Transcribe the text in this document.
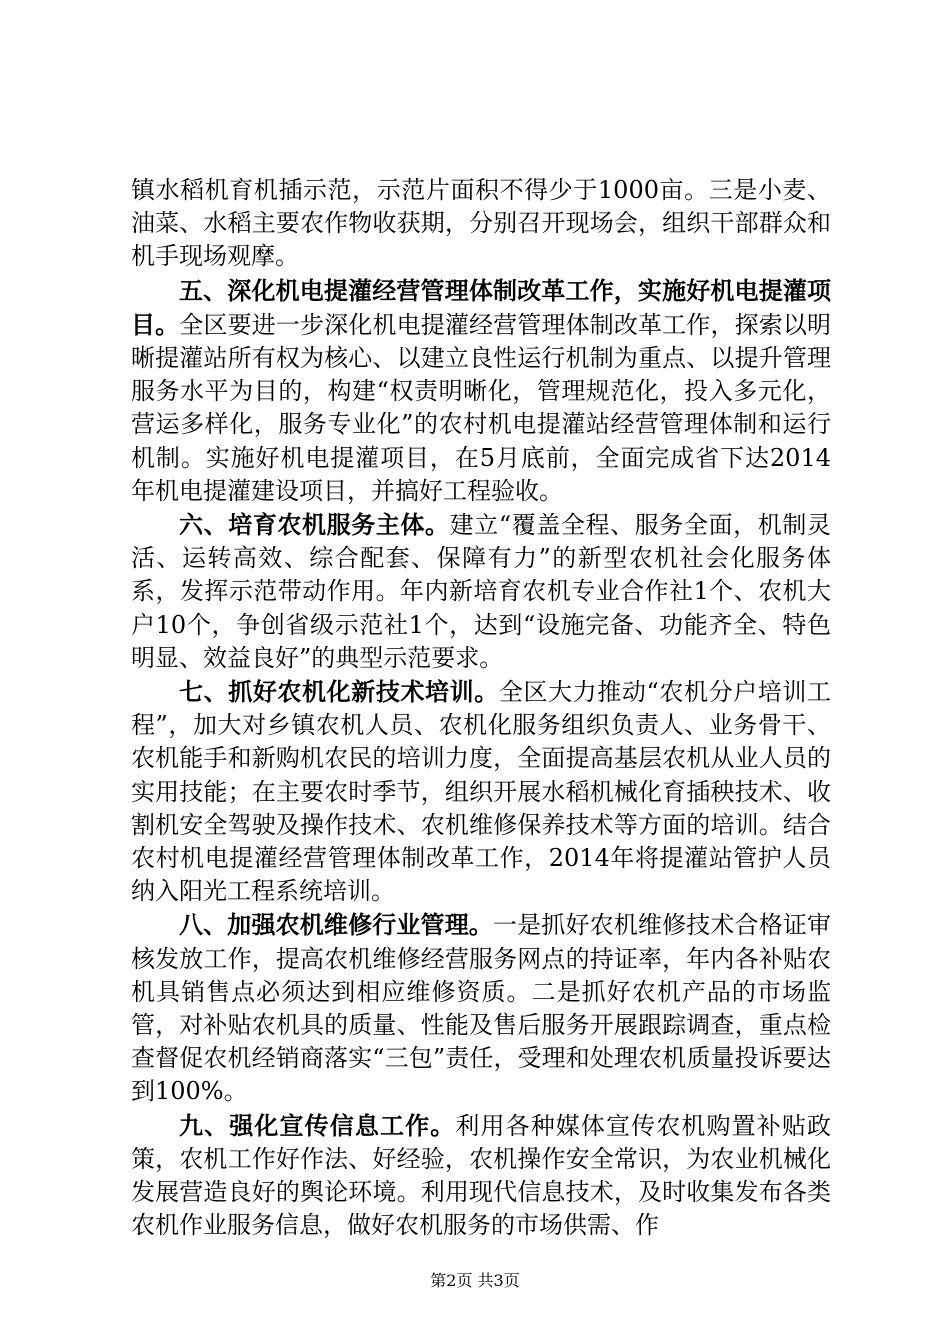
镇水稻机育机插示范，示范片面积不得少于1000亩。三是小麦、油菜、水稻主要农作物收获期，分别召开现场会，组织干部群众和机手现场观摩。

五、深化机电提灌经营管理体制改革工作，实施好机电提灌项目。全区要进一步深化机电提灌经营管理体制改革工作，探索以明晰提灌站所有权为核心、以建立良性运行机制为重点、以提升管理服务水平为目的，构建“权责明晰化，管理规范化，投入多元化，营运多样化，服务专业化”的农村机电提灌站经营管理体制和运行机制。实施好机电提灌项目，在5月底前，全面完成省下达2014年机电提灌建设项目，并搞好工程验收。

六、培育农机服务主体。建立“覆盖全程、服务全面，机制灵活、运转高效、综合配套、保障有力”的新型农机社会化服务体系，发挥示范带动作用。年内新培育农机专业合作社1个、农机大户10个，争创省级示范社1个，达到“设施完备、功能齐全、特色明显、效益良好”的典型示范要求。

七、抓好农机化新技术培训。全区大力推动“农机分户培训工程”，加大对乡镇农机人员、农机化服务组织负责人、业务骨干、农机能手和新购机农民的培训力度，全面提高基层农机从业人员的实用技能；在主要农时季节，组织开展水稻机械化育插秧技术、收割机安全驾驶及操作技术、农机维修保养技术等方面的培训。结合农村机电提灌经营管理体制改革工作，2014年将提灌站管护人员纳入阳光工程系统培训。

八、加强农机维修行业管理。一是抓好农机维修技术合格证审核发放工作，提高农机维修经营服务网点的持证率，年内各补贴农机具销售点必须达到相应维修资质。二是抓好农机产品的市场监管，对补贴农机具的质量、性能及售后服务开展跟踪调查，重点检查督促农机经销商落实“三包”责任，受理和处理农机质量投诉要达到100%。

九、强化宣传信息工作。利用各种媒体宣传农机购置补贴政策，农机工作好作法、好经验，农机操作安全常识，为农业机械化发展营造良好的舆论环境。利用现代信息技术，及时收集发布各类农机作业服务信息，做好农机服务的市场供需、作

第2页 共3页
